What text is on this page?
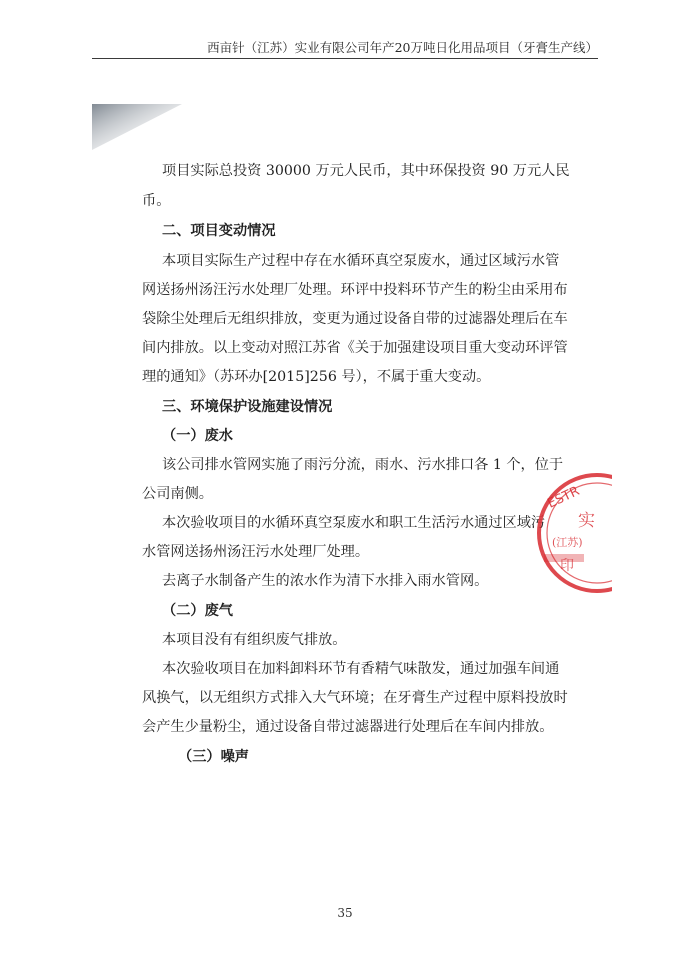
西亩针（江苏）实业有限公司年产20万吨日化用品项目（牙膏生产线）
项目实际总投资 30000 万元人民币，其中环保投资 90 万元人民
币。
二、项目变动情况
本项目实际生产过程中存在水循环真空泵废水，通过区域污水管
网送扬州汤汪污水处理厂处理。环评中投料环节产生的粉尘由采用布
袋除尘处理后无组织排放，变更为通过设备自带的过滤器处理后在车
间内排放。以上变动对照江苏省《关于加强建设项目重大变动环评管
理的通知》（苏环办[2015]256 号），不属于重大变动。
三、环境保护设施建设情况
（一）废水
该公司排水管网实施了雨污分流，雨水、污水排口各 1 个，位于
公司南侧。
本次验收项目的水循环真空泵废水和职工生活污水通过区域污
水管网送扬州汤汪污水处理厂处理。
去离子水制备产生的浓水作为清下水排入雨水管网。
（二）废气
本项目没有有组织废气排放。
本次验收项目在加料卸料环节有香精气味散发，通过加强车间通
风换气，以无组织方式排入大气环境；在牙膏生产过程中原料投放时
会产生少量粉尘，通过设备自带过滤器进行处理后在车间内排放。
（三）噪声
ESTR
实
(江苏)
印
35
